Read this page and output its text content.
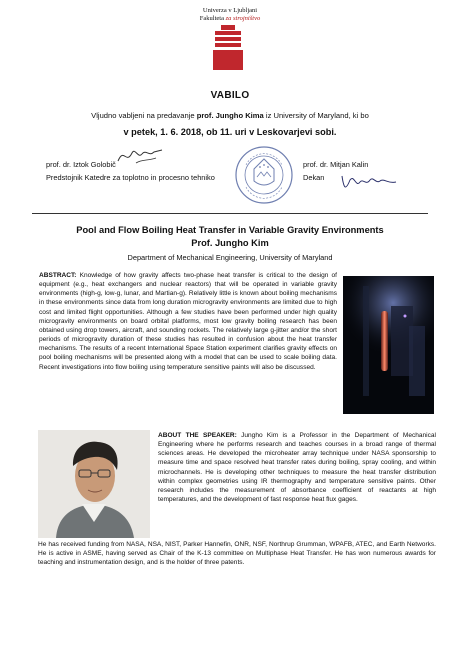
Univerza v Ljubljani
Fakulteta za strojništvo
VABILO
Vljudno vabljeni na predavanje prof. Jungho Kima iz University of Maryland, ki bo
v petek, 1. 6. 2018, ob 11. uri v Leskovarjevi sobi.
prof. dr. Iztok Golobič
Predstojnik Katedre za toplotno in procesno tehniko
prof. dr. Mitjan Kalin
Dekan
Pool and Flow Boiling Heat Transfer in Variable Gravity Environments
Prof. Jungho Kim
Department of Mechanical Engineering, University of Maryland
ABSTRACT: Knowledge of how gravity affects two-phase heat transfer is critical to the design of equipment (e.g., heat exchangers and nuclear reactors) that will be operated in variable gravity environments (high-g, low-g, lunar, and Martian-g). Relatively little is known about boiling mechanisms in these environments since data from long duration microgravity environments are limited due to high cost and limited flight opportunities. Although a few studies have been performed under high quality microgravity environments on board orbital platforms, most low gravity boiling research has been obtained using drop towers, aircraft, and sounding rockets. The relatively large g-jitter and/or the short periods of microgravity duration of these studies has resulted in confusion about the heat transfer mechanisms. The results of a recent International Space Station experiment clarifies gravity effects on pool boiling mechanisms will be presented along with a model that can be used to scale boiling data. Recent investigations into flow boiling using temperature sensitive paints will also be discussed.
ABOUT THE SPEAKER: Jungho Kim is a Professor in the Department of Mechanical Engineering where he performs research and teaches courses in a broad range of thermal sciences areas. He developed the microheater array technique under NASA sponsorship to measure time and space resolved heat transfer rates during boiling, spray cooling, and within microchannels. He is developing other techniques to measure the heat transfer distribution within complex geometries using IR thermography and temperature sensitive paints. Other research includes the measurement of absorbance coefficient of reactants at high temperatures, and the development of fast response heat flux gages.
He has received funding from NASA, NSA, NIST, Parker Hannefin, ONR, NSF, Northrup Grumman, WPAFB, ATEC, and Earth Networks. He is active in ASME, having served as Chair of the K-13 committee on Multiphase Heat Transfer. He has won numerous awards for teaching and instrumentation design, and is the holder of three patents.
